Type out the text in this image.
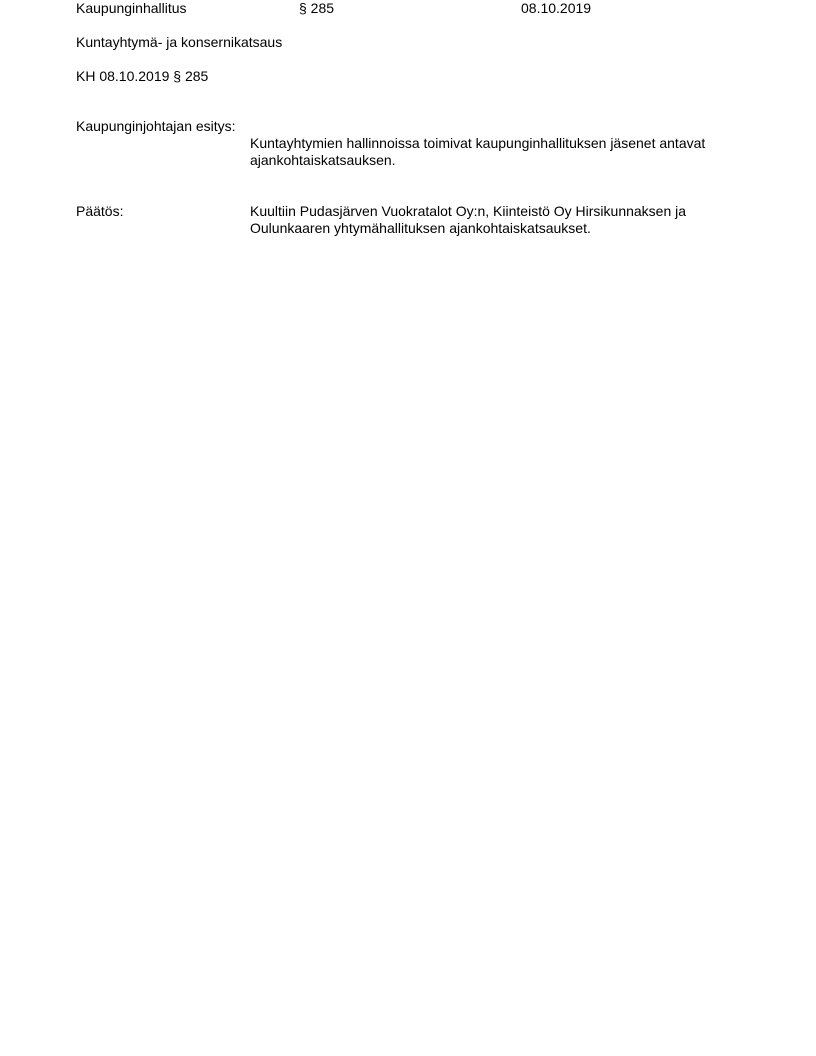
Kaupunginhallitus	§ 285	08.10.2019
Kuntayhtymä- ja konsernikatsaus
KH 08.10.2019 § 285
Kaupunginjohtajan esitys:
Kuntayhtymien hallinnoissa toimivat kaupunginhallituksen jäsenet antavat ajankohtaiskatsauksen.
Päätös:	Kuultiin Pudasjärven Vuokratalot Oy:n, Kiinteistö Oy Hirsikunnaksen ja Oulunkaaren yhtymähallituksen ajankohtaiskatsaukset.
